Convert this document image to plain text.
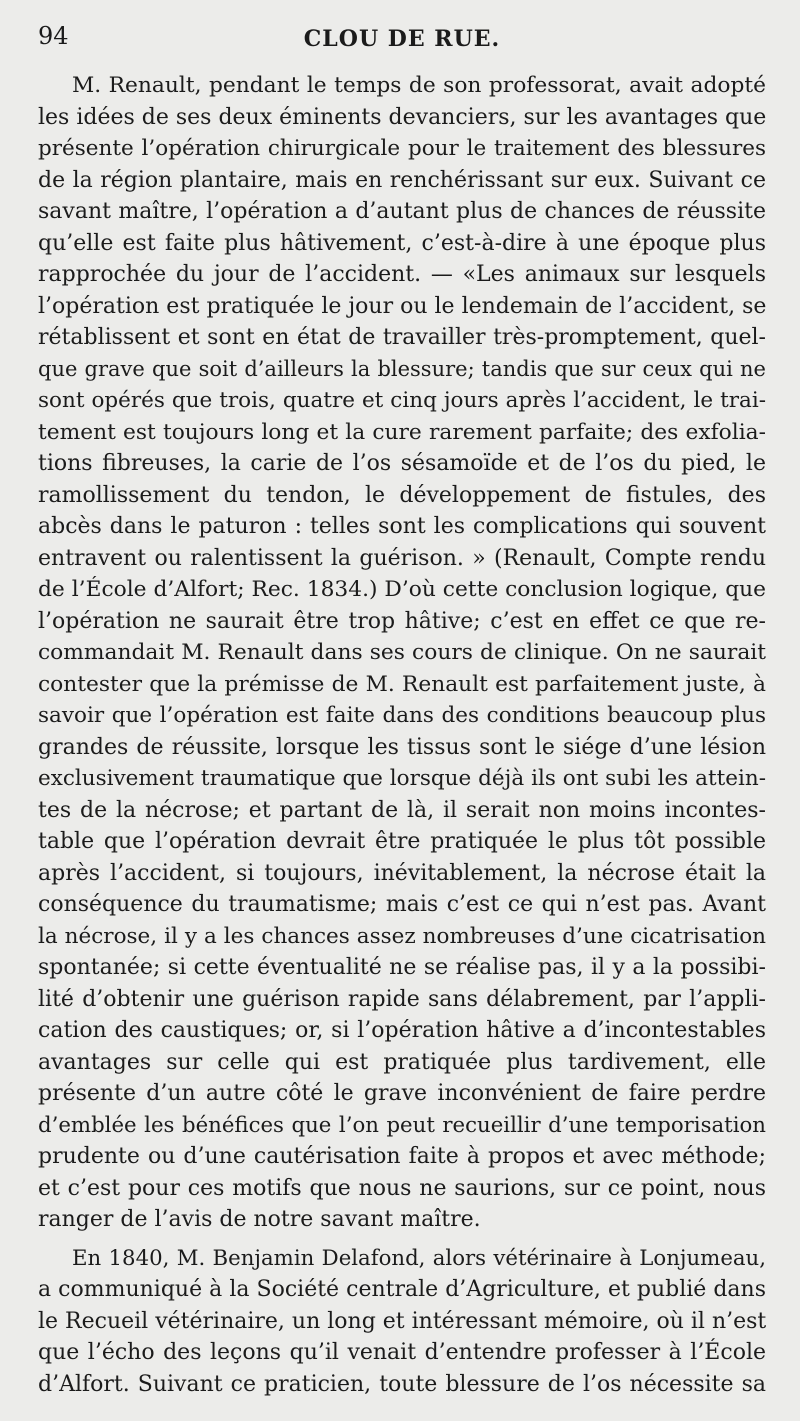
94	CLOU DE RUE.
M. Renault, pendant le temps de son professorat, avait adopté
les idées de ses deux éminents devanciers, sur les avantages que
présente l’opération chirurgicale pour le traitement des blessures
de la région plantaire, mais en renchérissant sur eux. Suivant ce
savant maître, l’opération a d’autant plus de chances de réussite
qu’elle est faite plus hâtivement, c’est-à-dire à une époque plus
rapprochée du jour de l’accident. — «Les animaux sur lesquels
l’opération est pratiquée le jour ou le lendemain de l’accident, se
rétablissent et sont en état de travailler très-promptement, quel-
que grave que soit d’ailleurs la blessure; tandis que sur ceux qui ne
sont opérés que trois, quatre et cinq jours après l’accident, le trai-
tement est toujours long et la cure rarement parfaite; des exfolia-
tions fibreuses, la carie de l’os sésamoïde et de l’os du pied, le
ramollissement du tendon, le développement de fistules, des
abcès dans le paturon : telles sont les complications qui souvent
entravent ou ralentissent la guérison. » (Renault, Compte rendu
de l’École d’Alfort; Rec. 1834.) D’où cette conclusion logique, que
l’opération ne saurait être trop hâtive; c’est en effet ce que re-
commandait M. Renault dans ses cours de clinique. On ne saurait
contester que la prémisse de M. Renault est parfaitement juste, à
savoir que l’opération est faite dans des conditions beaucoup plus
grandes de réussite, lorsque les tissus sont le siége d’une lésion
exclusivement traumatique que lorsque déjà ils ont subi les attein-
tes de la nécrose; et partant de là, il serait non moins incontes-
table que l’opération devrait être pratiquée le plus tôt possible
après l’accident, si toujours, inévitablement, la nécrose était la
conséquence du traumatisme; mais c’est ce qui n’est pas. Avant
la nécrose, il y a les chances assez nombreuses d’une cicatrisation
spontanée; si cette éventualité ne se réalise pas, il y a la possibi-
lité d’obtenir une guérison rapide sans délabrement, par l’appli-
cation des caustiques; or, si l’opération hâtive a d’incontestables
avantages sur celle qui est pratiquée plus tardivement, elle
présente d’un autre côté le grave inconvénient de faire perdre
d’emblée les bénéfices que l’on peut recueillir d’une temporisation
prudente ou d’une cautérisation faite à propos et avec méthode;
et c’est pour ces motifs que nous ne saurions, sur ce point, nous
ranger de l’avis de notre savant maître.
En 1840, M. Benjamin Delafond, alors vétérinaire à Lonjumeau,
a communiqué à la Société centrale d’Agriculture, et publié dans
le Recueil vétérinaire, un long et intéressant mémoire, où il n’est
que l’écho des leçons qu’il venait d’entendre professer à l’École
d’Alfort. Suivant ce praticien, toute blessure de l’os nécessite sa
